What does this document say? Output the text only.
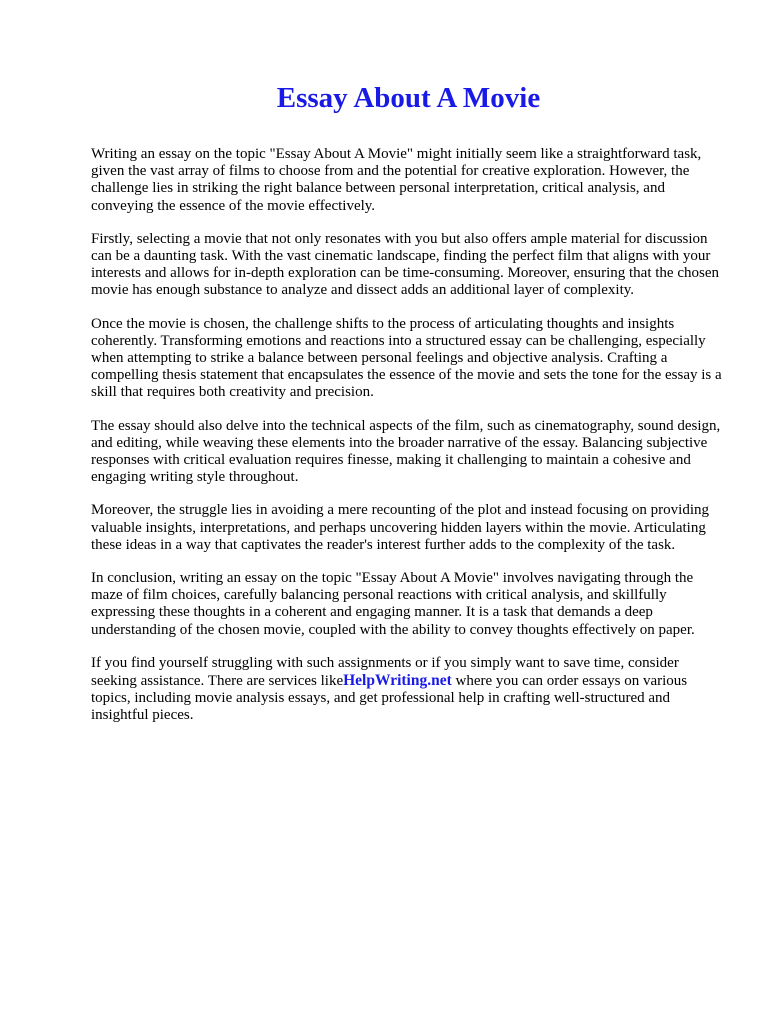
Essay About A Movie

Writing an essay on the topic "Essay About A Movie" might initially seem like a straightforward task, given the vast array of films to choose from and the potential for creative exploration. However, the challenge lies in striking the right balance between personal interpretation, critical analysis, and conveying the essence of the movie effectively.

Firstly, selecting a movie that not only resonates with you but also offers ample material for discussion can be a daunting task. With the vast cinematic landscape, finding the perfect film that aligns with your interests and allows for in-depth exploration can be time-consuming. Moreover, ensuring that the chosen movie has enough substance to analyze and dissect adds an additional layer of complexity.

Once the movie is chosen, the challenge shifts to the process of articulating thoughts and insights coherently. Transforming emotions and reactions into a structured essay can be challenging, especially when attempting to strike a balance between personal feelings and objective analysis. Crafting a compelling thesis statement that encapsulates the essence of the movie and sets the tone for the essay is a skill that requires both creativity and precision.

The essay should also delve into the technical aspects of the film, such as cinematography, sound design, and editing, while weaving these elements into the broader narrative of the essay. Balancing subjective responses with critical evaluation requires finesse, making it challenging to maintain a cohesive and engaging writing style throughout.

Moreover, the struggle lies in avoiding a mere recounting of the plot and instead focusing on providing valuable insights, interpretations, and perhaps uncovering hidden layers within the movie. Articulating these ideas in a way that captivates the reader's interest further adds to the complexity of the task.

In conclusion, writing an essay on the topic "Essay About A Movie" involves navigating through the maze of film choices, carefully balancing personal reactions with critical analysis, and skillfully expressing these thoughts in a coherent and engaging manner. It is a task that demands a deep understanding of the chosen movie, coupled with the ability to convey thoughts effectively on paper.

If you find yourself struggling with such assignments or if you simply want to save time, consider seeking assistance. There are services likeHelpWriting.net where you can order essays on various topics, including movie analysis essays, and get professional help in crafting well-structured and insightful pieces.
